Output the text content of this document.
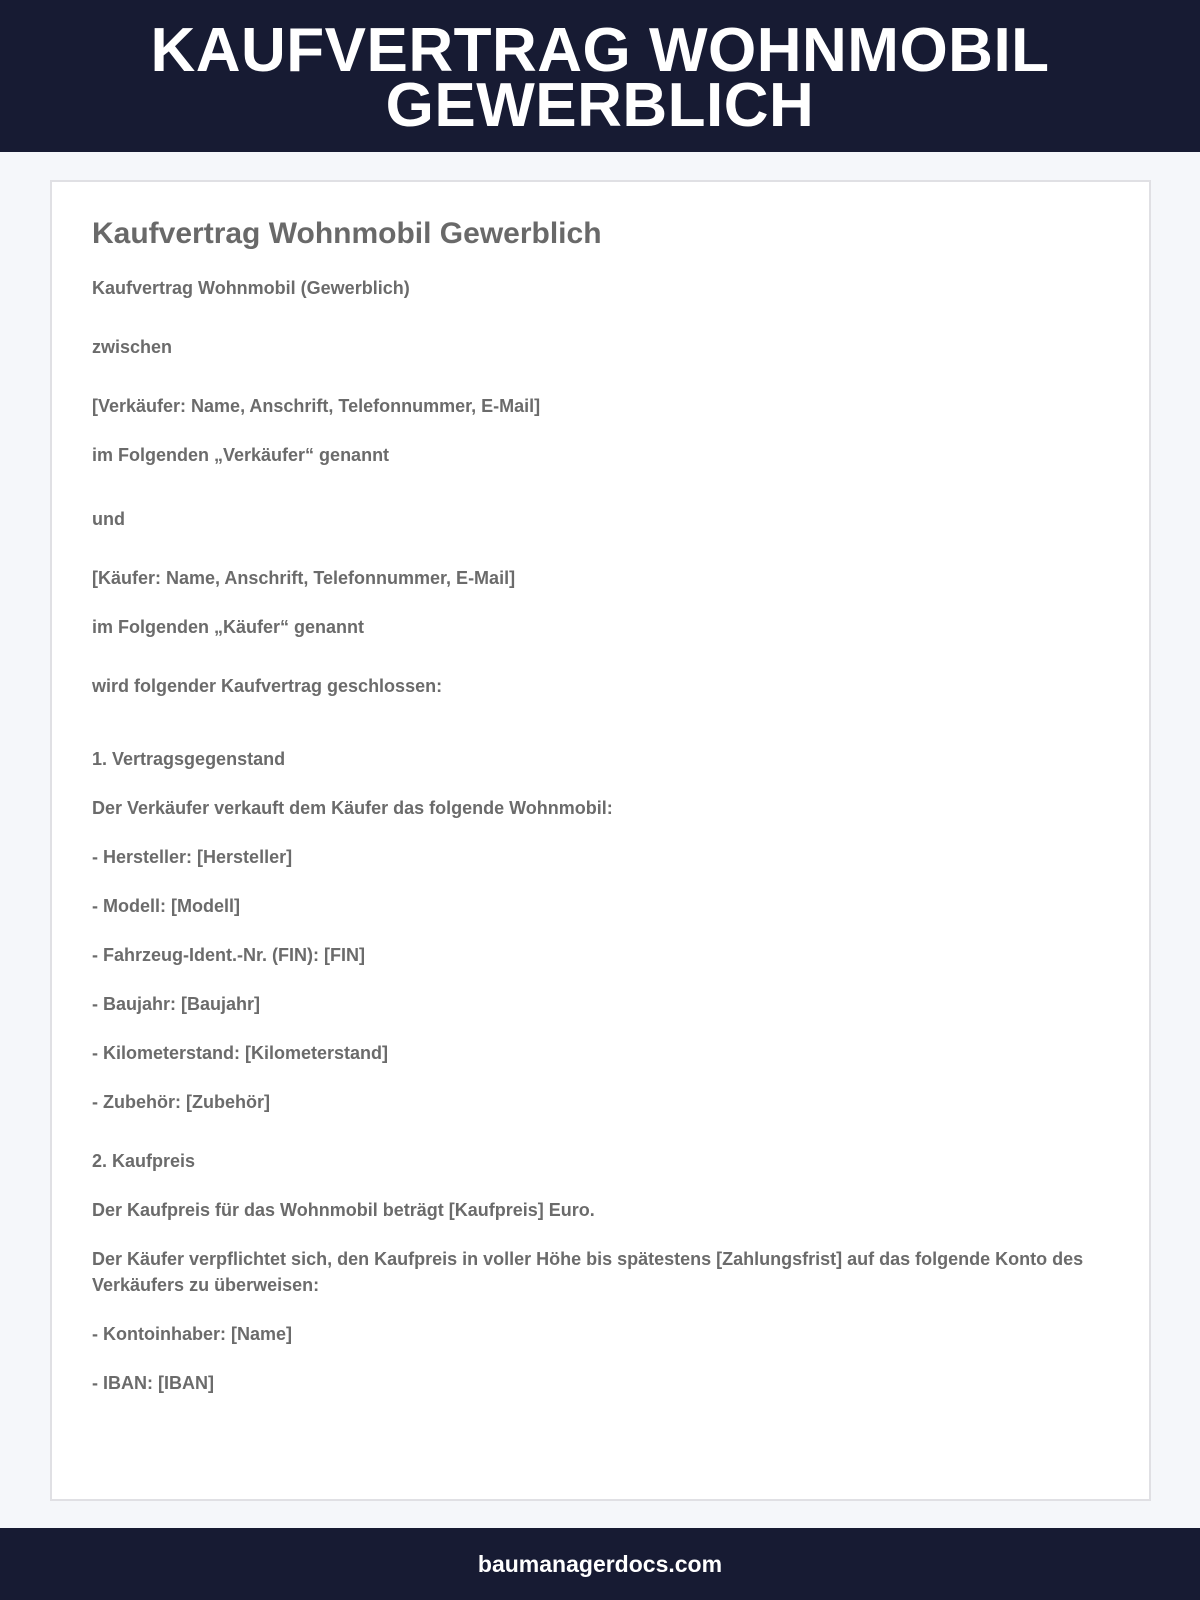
KAUFVERTRAG WOHNMOBIL GEWERBLICH
Kaufvertrag Wohnmobil Gewerblich

Kaufvertrag Wohnmobil (Gewerblich)

zwischen

[Verkäufer: Name, Anschrift, Telefonnummer, E-Mail]

im Folgenden „Verkäufer“ genannt

und

[Käufer: Name, Anschrift, Telefonnummer, E-Mail]

im Folgenden „Käufer“ genannt

wird folgender Kaufvertrag geschlossen:

1. Vertragsgegenstand

Der Verkäufer verkauft dem Käufer das folgende Wohnmobil:

- Hersteller: [Hersteller]

- Modell: [Modell]

- Fahrzeug-Ident.-Nr. (FIN): [FIN]

- Baujahr: [Baujahr]

- Kilometerstand: [Kilometerstand]

- Zubehör: [Zubehör]

2. Kaufpreis

Der Kaufpreis für das Wohnmobil beträgt [Kaufpreis] Euro.

Der Käufer verpflichtet sich, den Kaufpreis in voller Höhe bis spätestens [Zahlungsfrist] auf das folgende Konto des Verkäufers zu überweisen:

- Kontoinhaber: [Name]

- IBAN: [IBAN]

baumanagerdocs.com
